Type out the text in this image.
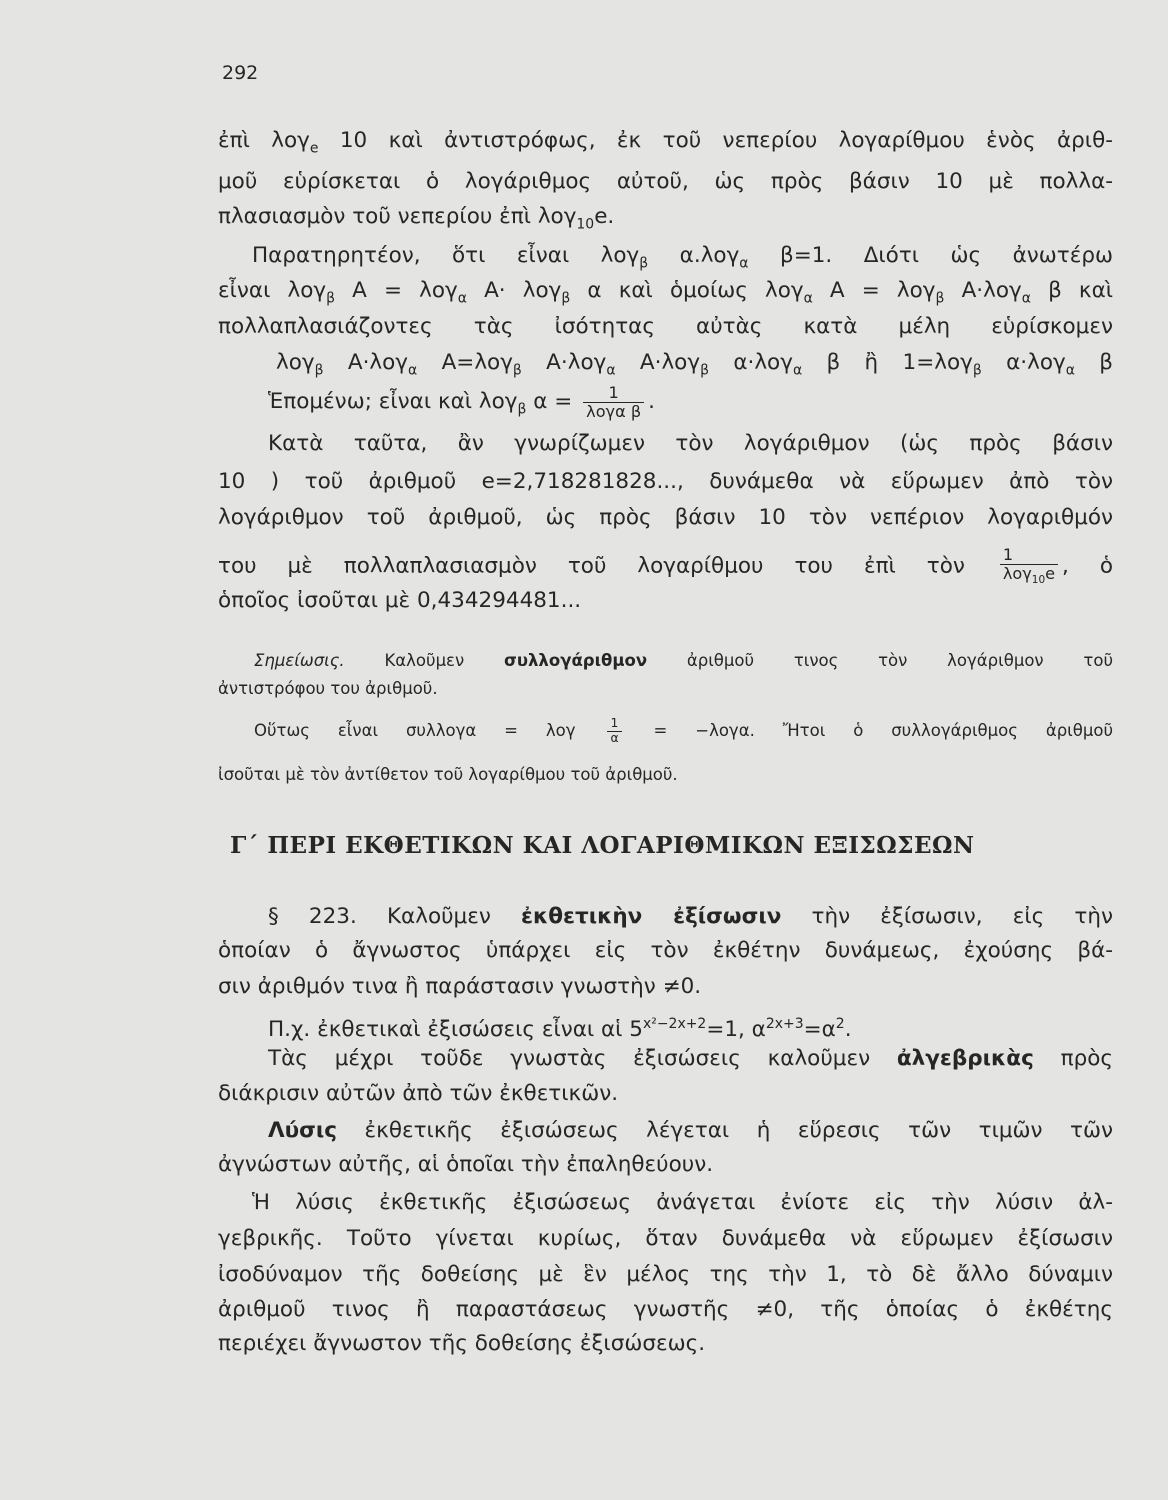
292
ἐπὶ λογ$_e$ 10 καὶ ἀντιστρόφως, ἐκ τοῦ νεπερίου λογαρίθμου ἑνὸς ἀριθ-
μοῦ εὑρίσκεται ὁ λογάριθμος αὐτοῦ, ὡς πρὸς βάσιν 10 μὲ πολλα-
πλασιασμὸν τοῦ νεπερίου ἐπὶ λογ$_{10}$e.
Παρατηρητέον, ὅτι εἶναι λογ$_\beta$ α.λογ$_\alpha$ β=1. Διότι ὡς ἀνωτέρω
εἶναι λογ$_\beta$ A = λογ$_\alpha$ A· λογ$_\beta$ α καὶ ὁμοίως λογ$_\alpha$ A = λογ$_\beta$ A·λογ$_\alpha$ β καὶ
πολλαπλασιάζοντες τὰς ἰσότητας αὐτὰς κατὰ μέλη εὑρίσκομεν
λογ$_\beta$ A·λογ$_\alpha$ A=λογ$_\beta$ A·λογ$_\alpha$ A·λογ$_\beta$ α·λογ$_\alpha$ β ἢ 1=λογ$_\beta$ α·λογ$_\alpha$ β
Ἑπομένω; εἶναι καὶ λογ$_\beta$ $\alpha = \frac{1}{\text{λογα β}}$ .
Κατὰ ταῦτα, ἂν γνωρίζωμεν τὸν λογάριθμον (ὡς πρὸς βάσιν
10 ) τοῦ ἀριθμοῦ e=2,718281828..., δυνάμεθα νὰ εὕρωμεν ἀπὸ τὸν
λογάριθμον τοῦ ἀριθμοῦ, ὡς πρὸς βάσιν 10 τὸν νεπέριον λογαριθμόν
του μὲ πολλαπλασιασμὸν τοῦ λογαρίθμου του ἐπὶ τὸν $\frac{1}{\lambda o\gamma_{10}e}$ , ὁ
ὁποῖος ἰσοῦται μὲ 0,434294481...
Σημείωσις. Καλοῦμεν συλλογάριθμον ἀριθμοῦ τινος τὸν λογάριθμον τοῦ
ἀντιστρόφου του ἀριθμοῦ.
Οὕτως εἶναι συλλογα = λογ $\frac{1}{\alpha} = -\lambda o\gamma\alpha$. Ἤτοι ὁ συλλογάριθμος ἀριθμοῦ
ἰσοῦται μὲ τὸν ἀντίθετον τοῦ λογαρίθμου τοῦ ἀριθμοῦ.
Γ΄ ΠΕΡΙ ΕΚΘΕΤΙΚΩΝ ΚΑΙ ΛΟΓΑΡΙΘΜΙΚΩΝ ΕΞΙΣΩΣΕΩΝ
§ 223. Καλοῦμεν ἐκθετικὴν ἐξίσωσιν τὴν ἐξίσωσιν, εἰς τὴν
ὁποίαν ὁ ἄγνωστος ὑπάρχει εἰς τὸν ἐκθέτην δυνάμεως, ἐχούσης βά-
σιν ἀριθμόν τινα ἢ παράστασιν γνωστὴν ≠0.
Π.χ. ἐκθετικαὶ ἐξισώσεις εἶναι αἱ $5^{x^2-2x+2}=1$, $\alpha^{2x+3}=\alpha^2$.
Τὰς μέχρι τοῦδε γνωστὰς ἐξισώσεις καλοῦμεν ἀλγεβρικὰς πρὸς
διάκρισιν αὐτῶν ἀπὸ τῶν ἐκθετικῶν.
Λύσις ἐκθετικῆς ἐξισώσεως λέγεται ἡ εὕρεσις τῶν τιμῶν τῶν
ἀγνώστων αὐτῆς, αἱ ὁποῖαι τὴν ἐπαληθεύουν.
Ἡ λύσις ἐκθετικῆς ἐξισώσεως ἀνάγεται ἐνίοτε εἰς τὴν λύσιν ἀλ-
γεβρικῆς. Τοῦτο γίνεται κυρίως, ὅταν δυνάμεθα νὰ εὕρωμεν ἐξίσωσιν
ἰσοδύναμον τῆς δοθείσης μὲ ἓν μέλος της τὴν 1, τὸ δὲ ἄλλο δύναμιν
ἀριθμοῦ τινος ἢ παραστάσεως γνωστῆς ≠0, τῆς ὁποίας ὁ ἐκθέτης
περιέχει ἄγνωστον τῆς δοθείσης ἐξισώσεως.
